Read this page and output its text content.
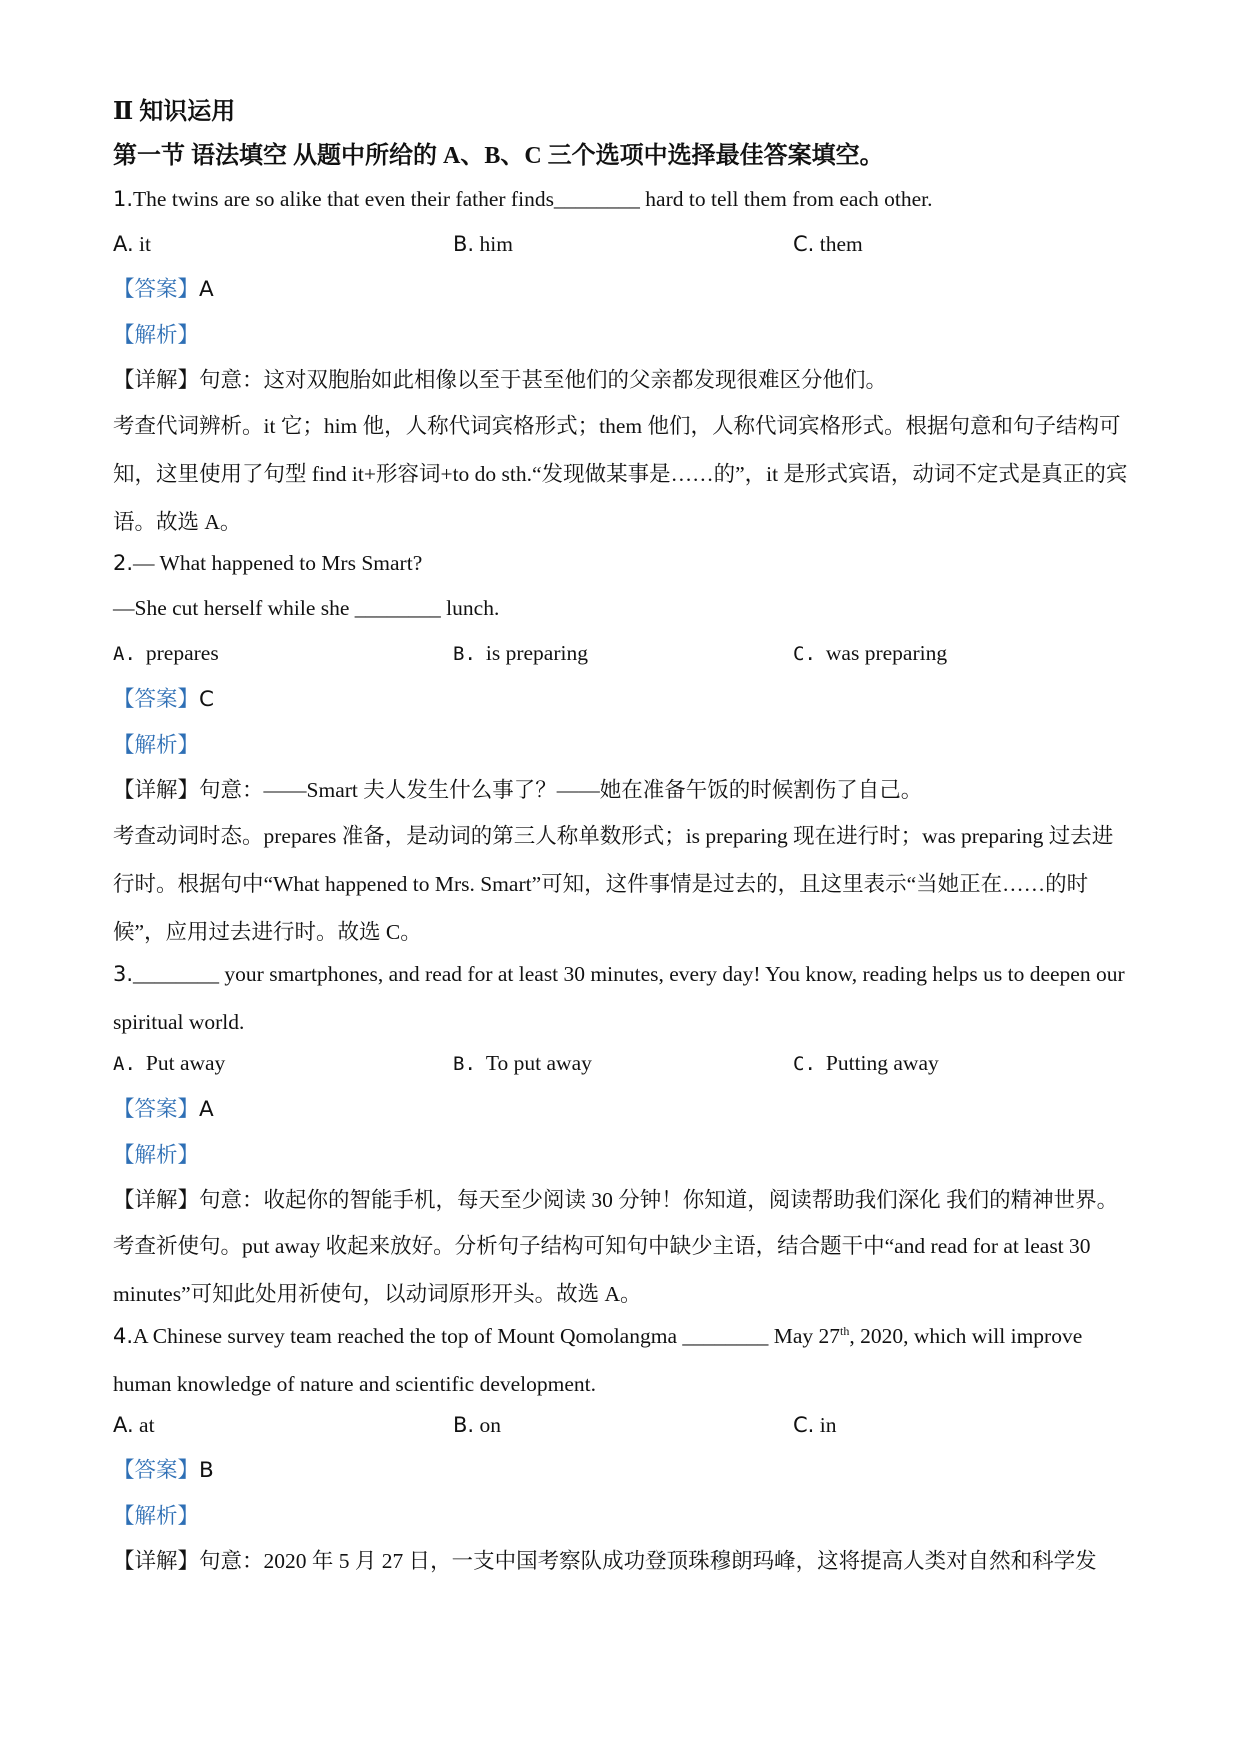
Ⅱ 知识运用
第一节 语法填空 从题中所给的 A、B、C 三个选项中选择最佳答案填空。
1.The twins are so alike that even their father finds________ hard to tell them from each other.
A. it	B. him	C. them
【答案】A
【解析】
【详解】句意：这对双胞胎如此相像以至于甚至他们的父亲都发现很难区分他们。
考查代词辨析。it 它；him 他，人称代词宾格形式；them 他们，人称代词宾格形式。根据句意和句子结构可知，这里使用了句型 find it+形容词+to do sth.“发现做某事是……的”，it 是形式宾语，动词不定式是真正的宾语。故选 A。
2.— What happened to Mrs Smart?
—She cut herself while she ________ lunch.
A. prepares	B. is preparing	C. was preparing
【答案】C
【解析】
【详解】句意：——Smart 夫人发生什么事了？——她在准备午饭的时候割伤了自己。
考查动词时态。prepares 准备，是动词的第三人称单数形式；is preparing 现在进行时；was preparing 过去进行时。根据句中“What happened to Mrs. Smart”可知，这件事情是过去的，且这里表示“当她正在……的时候”，应用过去进行时。故选 C。
3.________ your smartphones, and read for at least 30 minutes, every day! You know, reading helps us to deepen our spiritual world.
A. Put away	B. To put away	C. Putting away
【答案】A
【解析】
【详解】句意：收起你的智能手机，每天至少阅读 30 分钟！你知道，阅读帮助我们深化 我们的精神世界。
考查祈使句。put away 收起来放好。分析句子结构可知句中缺少主语，结合题干中“and read for at least 30 minutes”可知此处用祈使句，以动词原形开头。故选 A。
4.A Chinese survey team reached the top of Mount Qomolangma ________ May 27th, 2020, which will improve human knowledge of nature and scientific development.
A. at	B. on	C. in
【答案】B
【解析】
【详解】句意：2020 年 5 月 27 日，一支中国考察队成功登顶珠穆朗玛峰，这将提高人类对自然和科学发
